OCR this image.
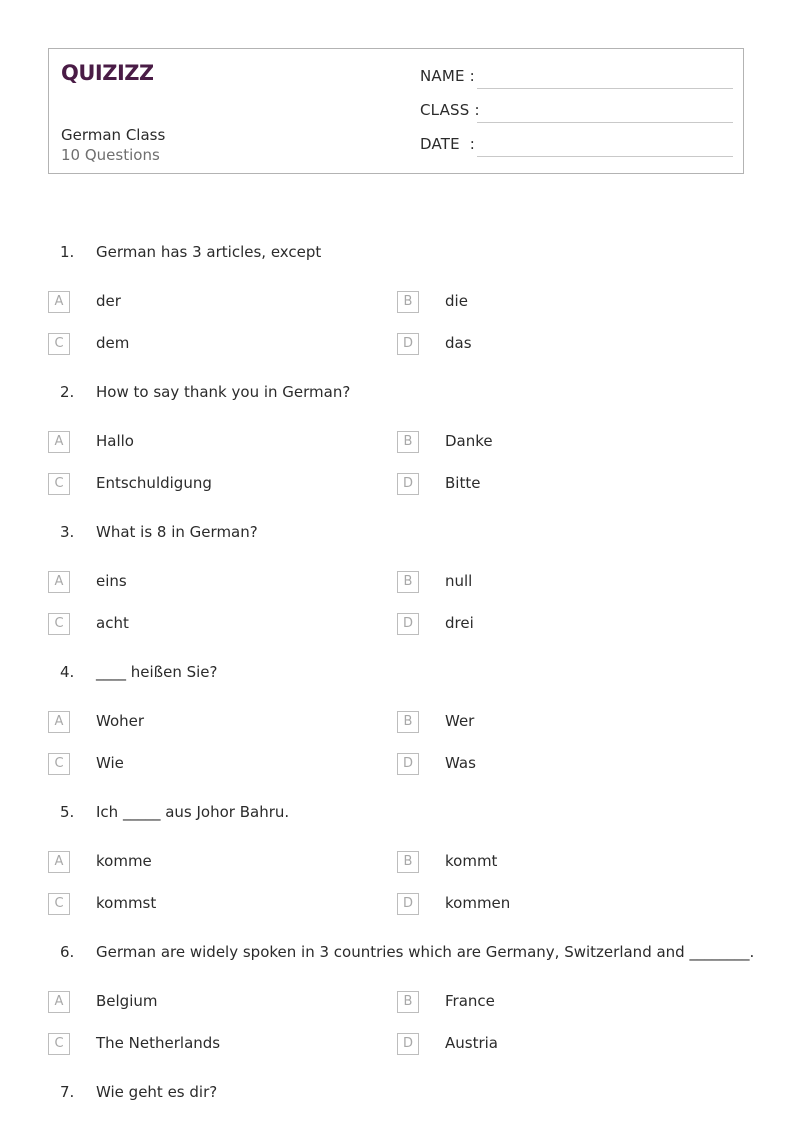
QUIZIZZ
German Class
10 Questions
NAME :
CLASS :
DATE  :
1. German has 3 articles, except
A	der	B	die
C	dem	D	das
2. How to say thank you in German?
A	Hallo	B	Danke
C	Entschuldigung	D	Bitte
3. What is 8 in German?
A	eins	B	null
C	acht	D	drei
4. ____ heißen Sie?
A	Woher	B	Wer
C	Wie	D	Was
5. Ich _____ aus Johor Bahru.
A	komme	B	kommt
C	kommst	D	kommen
6. German are widely spoken in 3 countries which are Germany, Switzerland and ________.
A	Belgium	B	France
C	The Netherlands	D	Austria
7. Wie geht es dir?
